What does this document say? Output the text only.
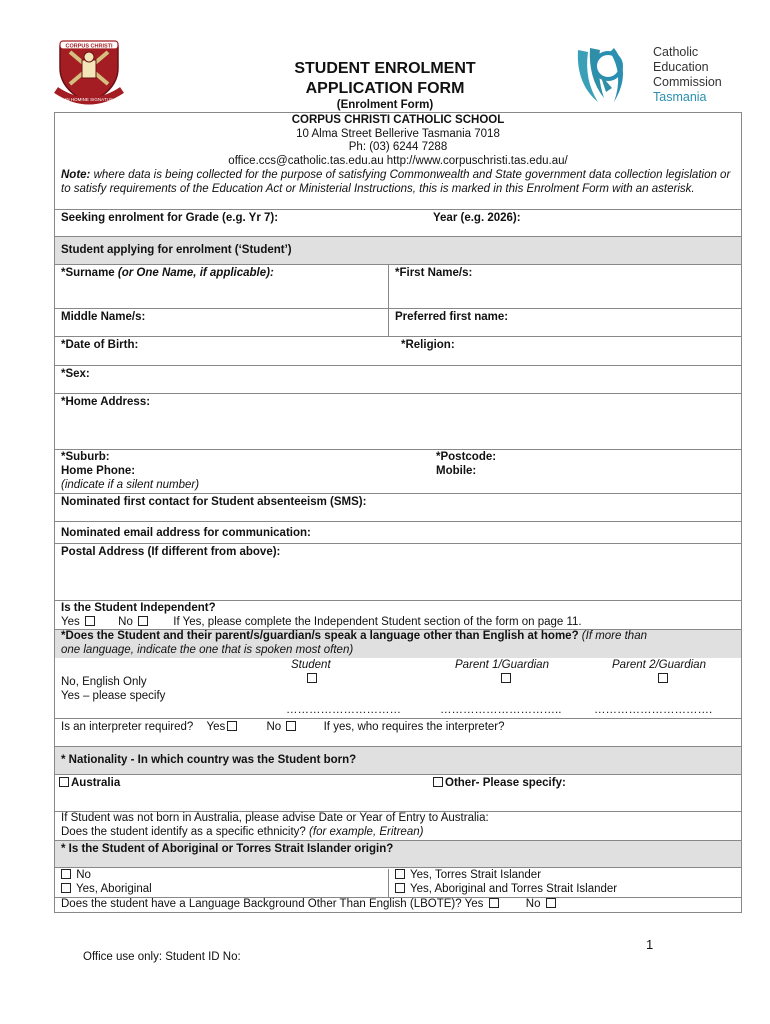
CORPUS CHRISTI
IN HOMINE SIGNATUS
STUDENT ENROLMENT
APPLICATION FORM
(Enrolment Form)
Catholic
Education
Commission
Tasmania
CORPUS CHRISTI CATHOLIC SCHOOL
10 Alma Street Bellerive Tasmania 7018
Ph: (03) 6244 7288
office.ccs@catholic.tas.edu.au http://www.corpuschristi.tas.edu.au/
Note: where data is being collected for the purpose of satisfying Commonwealth and State government data collection legislation or to satisfy requirements of the Education Act or Ministerial Instructions, this is marked in this Enrolment Form with an asterisk.
Seeking enrolment for Grade (e.g. Yr 7):	Year (e.g. 2026):
Student applying for enrolment (‘Student’)
*Surname (or One Name, if applicable):	*First Name/s:
Middle Name/s:	Preferred first name:
*Date of Birth:	*Religion:
*Sex:
*Home Address:
*Suburb:	*Postcode:
Home Phone:	Mobile:
(indicate if a silent number)
Nominated first contact for Student absenteeism (SMS):
Nominated email address for communication:
Postal Address (If different from above):
Is the Student Independent?
Yes	No	If Yes, please complete the Independent Student section of the form on page 11.
*Does the Student and their parent/s/guardian/s speak a language other than English at home? (If more than
one language, indicate the one that is spoken most often)
Student	Parent 1/Guardian	Parent 2/Guardian
No, English Only
Yes – please specify
…………………………	…………………………..	………………………….
Is an interpreter required? Yes	No	If yes, who requires the interpreter?
* Nationality - In which country was the Student born?
Australia	Other- Please specify:
If Student was not born in Australia, please advise Date or Year of Entry to Australia:
Does the student identify as a specific ethnicity? (for example, Eritrean)
* Is the Student of Aboriginal or Torres Strait Islander origin?
No
Yes, Aboriginal
Yes, Torres Strait Islander
Yes, Aboriginal and Torres Strait Islander
Does the student have a Language Background Other Than English (LBOTE)? Yes	No
1
Office use only: Student ID No:
